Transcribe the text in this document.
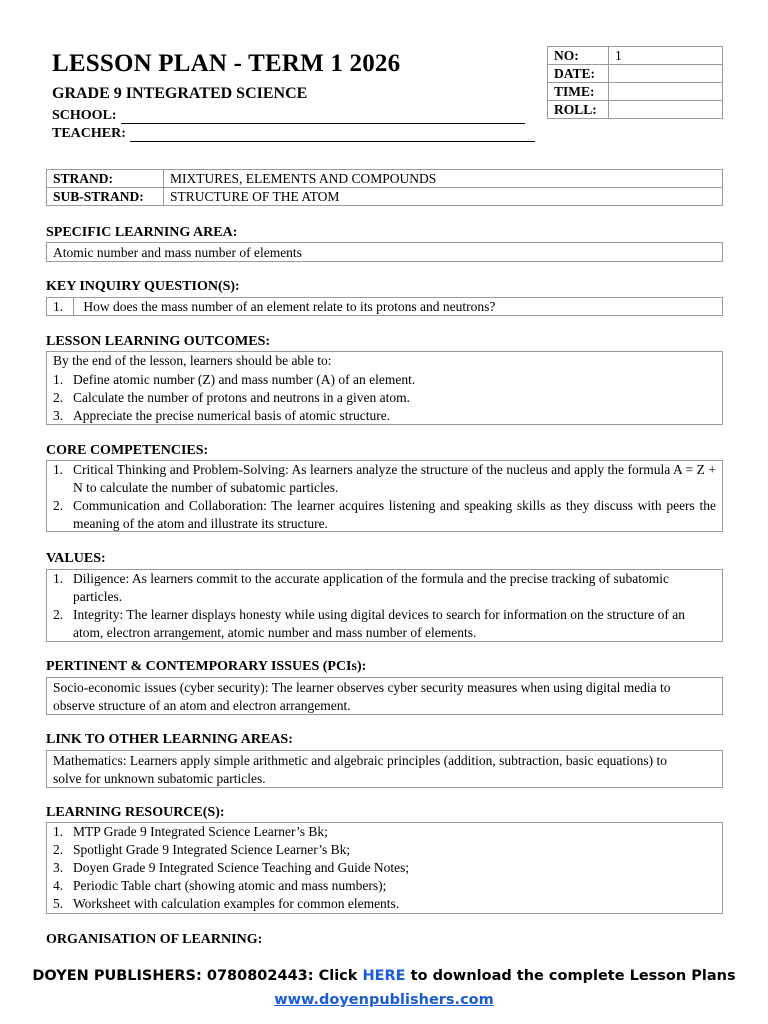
LESSON PLAN - TERM 1 2026
GRADE 9 INTEGRATED SCIENCE
SCHOOL:
TEACHER:
NO:	1
DATE:	
TIME:	
ROLL:	
STRAND:	MIXTURES, ELEMENTS AND COMPOUNDS
SUB-STRAND:	STRUCTURE OF THE ATOM
SPECIFIC LEARNING AREA:
Atomic number and mass number of elements
KEY INQUIRY QUESTION(S):
1. How does the mass number of an element relate to its protons and neutrons?
LESSON LEARNING OUTCOMES:
By the end of the lesson, learners should be able to:
1. Define atomic number (Z) and mass number (A) of an element.
2. Calculate the number of protons and neutrons in a given atom.
3. Appreciate the precise numerical basis of atomic structure.
CORE COMPETENCIES:
1. Critical Thinking and Problem-Solving: As learners analyze the structure of the nucleus and apply the formula A = Z + N to calculate the number of subatomic particles.
2. Communication and Collaboration: The learner acquires listening and speaking skills as they discuss with peers the meaning of the atom and illustrate its structure.
VALUES:
1. Diligence: As learners commit to the accurate application of the formula and the precise tracking of subatomic particles.
2. Integrity: The learner displays honesty while using digital devices to search for information on the structure of an atom, electron arrangement, atomic number and mass number of elements.
PERTINENT & CONTEMPORARY ISSUES (PCIs):
Socio-economic issues (cyber security): The learner observes cyber security measures when using digital media to observe structure of an atom and electron arrangement.
LINK TO OTHER LEARNING AREAS:
Mathematics: Learners apply simple arithmetic and algebraic principles (addition, subtraction, basic equations) to solve for unknown subatomic particles.
LEARNING RESOURCE(S):
1. MTP Grade 9 Integrated Science Learner’s Bk;
2. Spotlight Grade 9 Integrated Science Learner’s Bk;
3. Doyen Grade 9 Integrated Science Teaching and Guide Notes;
4. Periodic Table chart (showing atomic and mass numbers);
5. Worksheet with calculation examples for common elements.
ORGANISATION OF LEARNING:
DOYEN PUBLISHERS: 0780802443: Click HERE to download the complete Lesson Plans
www.doyenpublishers.com
